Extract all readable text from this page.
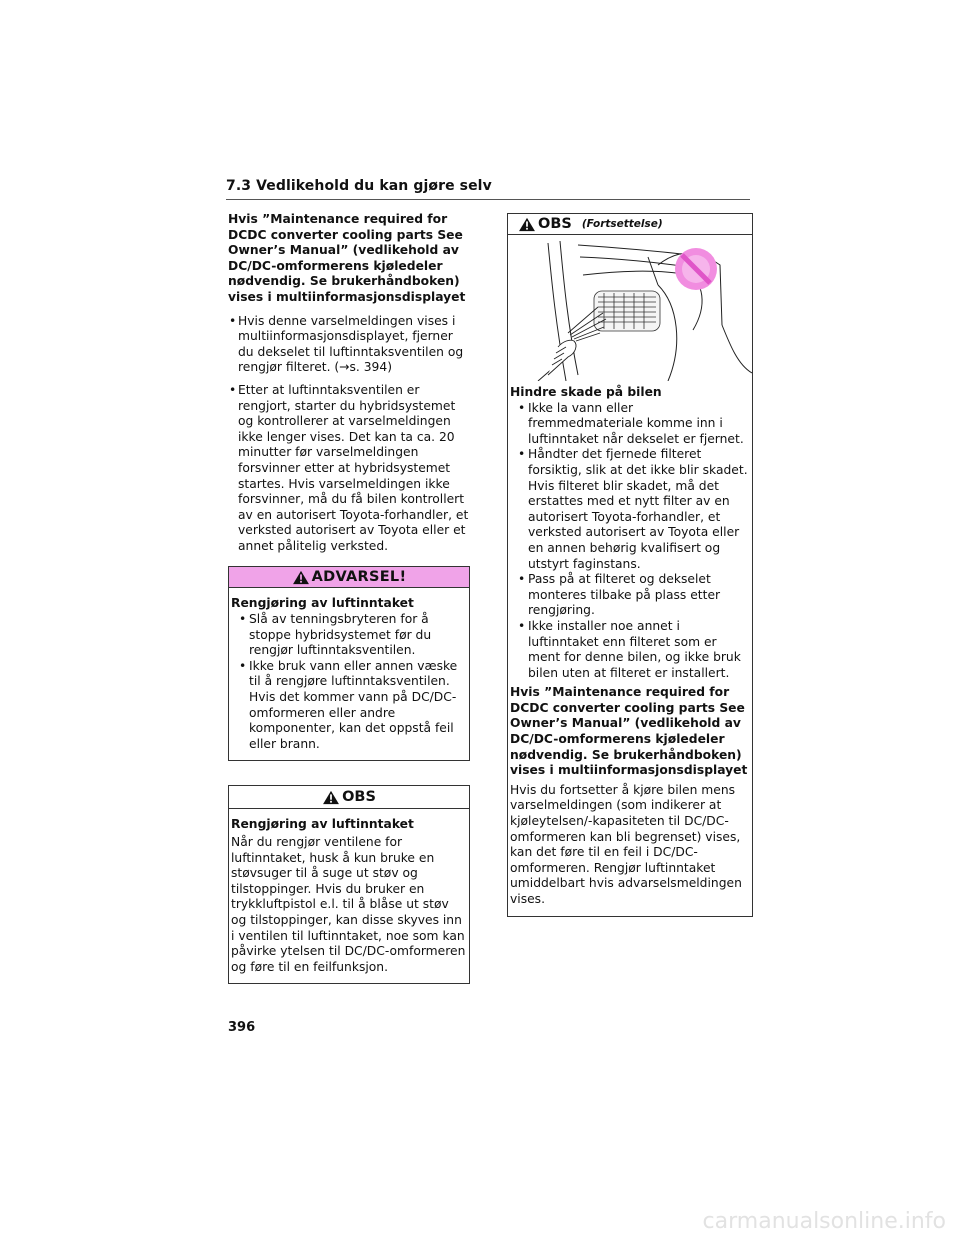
7.3 Vedlikehold du kan gjøre selv
Hvis ”Maintenance required for DCDC converter cooling parts See Owner’s Manual” (vedlikehold av DC/DC-omformerens kjøledeler nødvendig. Se brukerhåndboken) vises i multiinformasjonsdisplayet
• Hvis denne varselmeldingen vises i multiinformasjonsdisplayet, fjerner du dekselet til luftinntaksventilen og rengjør filteret. (→s. 394)
• Etter at luftinntaksventilen er rengjort, starter du hybridsystemet og kontrollerer at varselmeldingen ikke lenger vises. Det kan ta ca. 20 minutter før varselmeldingen forsvinner etter at hybridsystemet startes. Hvis varselmeldingen ikke forsvinner, må du få bilen kontrollert av en autorisert Toyota-forhandler, et verksted autorisert av Toyota eller et annet pålitelig verksted.
ADVARSEL!
Rengjøring av luftinntaket
• Slå av tenningsbryteren for å stoppe hybridsystemet før du rengjør luftinntaksventilen.
• Ikke bruk vann eller annen væske til å rengjøre luftinntaksventilen. Hvis det kommer vann på DC/DC-omformeren eller andre komponenter, kan det oppstå feil eller brann.
OBS
Rengjøring av luftinntaket

Når du rengjør ventilene for luftinntaket, husk å kun bruke en støvsuger til å suge ut støv og tilstoppinger. Hvis du bruker en trykkluftpistol e.l. til å blåse ut støv og tilstoppinger, kan disse skyves inn i ventilen til luftinntaket, noe som kan påvirke ytelsen til DC/DC-omformeren og føre til en feilfunksjon.

OBS (Fortsettelse)
Hindre skade på bilen
• Ikke la vann eller fremmedmateriale komme inn i luftinntaket når dekselet er fjernet.
• Håndter det fjernede filteret forsiktig, slik at det ikke blir skadet. Hvis filteret blir skadet, må det erstattes med et nytt filter av en autorisert Toyota-forhandler, et verksted autorisert av Toyota eller en annen behørig kvalifisert og utstyrt faginstans.
• Pass på at filteret og dekselet monteres tilbake på plass etter rengjøring.
• Ikke installer noe annet i luftinntaket enn filteret som er ment for denne bilen, og ikke bruk bilen uten at filteret er installert.
Hvis ”Maintenance required for DCDC converter cooling parts See Owner’s Manual” (vedlikehold av DC/DC-omformerens kjøledeler nødvendig. Se brukerhåndboken) vises i multiinformasjonsdisplayet

Hvis du fortsetter å kjøre bilen mens varselmeldingen (som indikerer at kjøleytelsen/-kapasiteten til DC/DC-omformeren kan bli begrenset) vises, kan det føre til en feil i DC/DC-omformeren. Rengjør luftinntaket umiddelbart hvis advarselsmeldingen vises.

396
carmanualsonline.info
